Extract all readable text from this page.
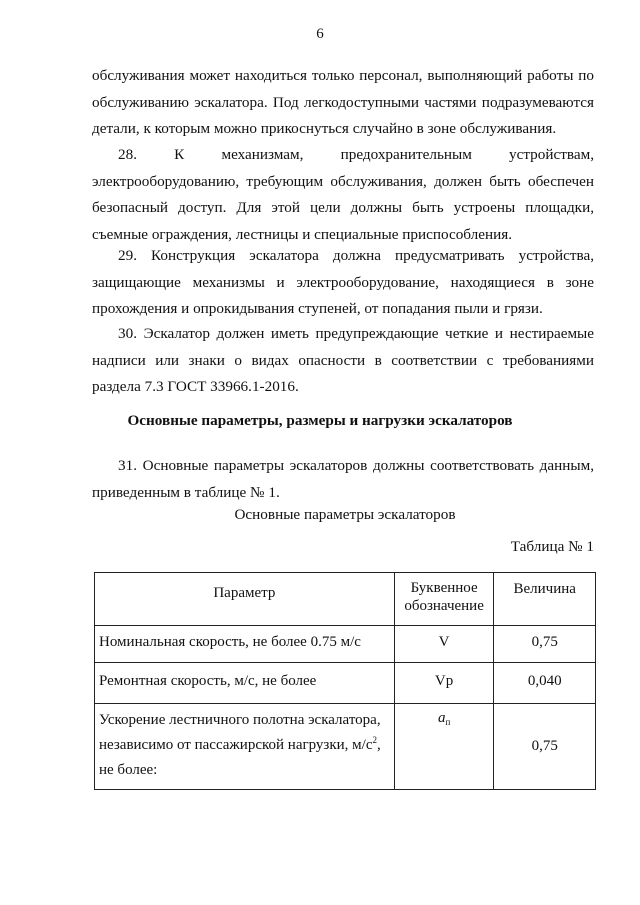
6

обслуживания может находиться только персонал, выполняющий работы по обслуживанию эскалатора. Под легкодоступными частями подразумеваются детали, к которым можно прикоснуться случайно в зоне обслуживания.

28. К механизмам, предохранительным устройствам, электрооборудованию, требующим обслуживания, должен быть обеспечен безопасный доступ. Для этой цели должны быть устроены площадки, съемные ограждения, лестницы и специальные приспособления.

29. Конструкция эскалатора должна предусматривать устройства, защищающие механизмы и электрооборудование, находящиеся в зоне прохождения и опрокидывания ступеней, от попадания пыли и грязи.

30. Эскалатор должен иметь предупреждающие четкие и нестираемые надписи или знаки о видах опасности в соответствии с требованиями раздела 7.3 ГОСТ 33966.1-2016.

Основные параметры, размеры и нагрузки эскалаторов

31. Основные параметры эскалаторов должны соответствовать данным, приведенным в таблице № 1.

Основные параметры эскалаторов
Таблица № 1
Параметр	Буквенное обозначение	Величина
Номинальная скорость, не более 0.75 м/с	V	0,75
Ремонтная скорость, м/с, не более	Vp	0,040
Ускорение лестничного полотна эскалатора, независимо от пассажирской нагрузки, $м/с^2$, не более:	$a_п$	0,75
